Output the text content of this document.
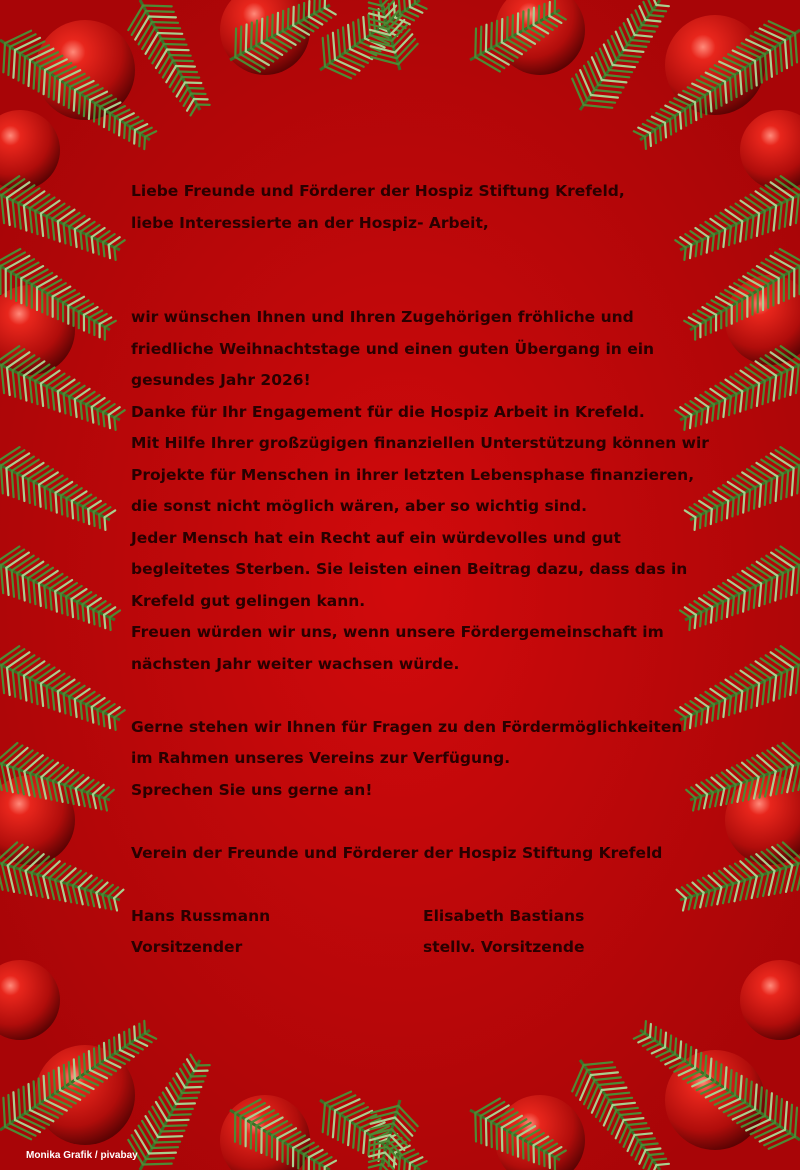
Liebe Freunde und Förderer der Hospiz Stiftung Krefeld,

liebe Interessierte an der Hospiz- Arbeit,

wir wünschen Ihnen und Ihren Zugehörigen fröhliche und

friedliche Weihnachtstage und einen guten Übergang in ein

gesundes Jahr 2026!

Danke für Ihr Engagement für die Hospiz Arbeit in Krefeld.

Mit Hilfe Ihrer großzügigen finanziellen Unterstützung können wir

Projekte für Menschen in ihrer letzten Lebensphase finanzieren,

die sonst nicht möglich wären, aber so wichtig sind.

Jeder Mensch hat ein Recht auf ein würdevolles und gut

begleitetes Sterben. Sie leisten einen Beitrag dazu, dass das in

Krefeld gut gelingen kann.

Freuen würden wir uns, wenn unsere Fördergemeinschaft im

nächsten Jahr weiter wachsen würde.

Gerne stehen wir Ihnen für Fragen zu den Fördermöglichkeiten

im Rahmen unseres Vereins zur Verfügung.

Sprechen Sie uns gerne an!

Verein der Freunde und Förderer der Hospiz Stiftung Krefeld

Hans Russmann

Vorsitzender

Elisabeth Bastians

stellv. Vorsitzende

Monika Grafik / pivabay
